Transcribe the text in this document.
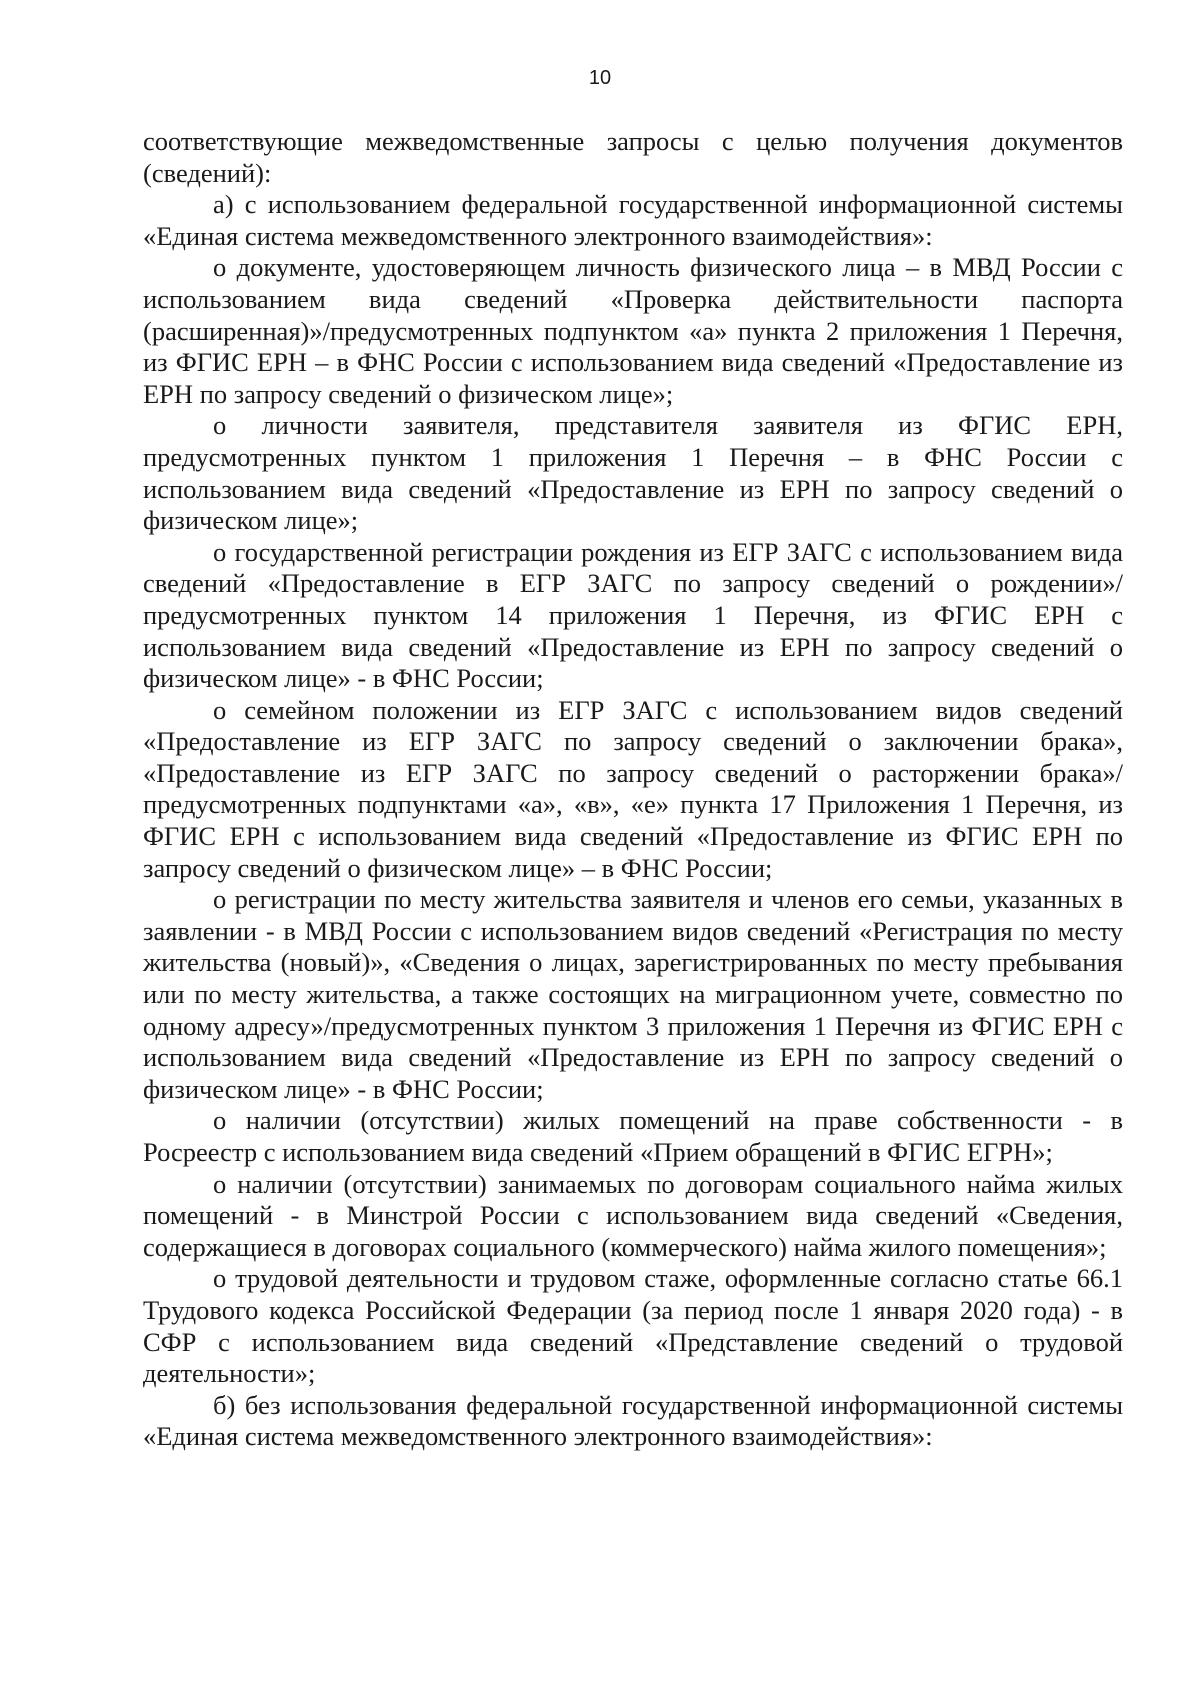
10

соответствующие межведомственные запросы с целью получения документов (сведений):

а) с использованием федеральной государственной информационной системы «Единая система межведомственного электронного взаимодействия»:

о документе, удостоверяющем личность физического лица – в МВД России с использованием вида сведений «Проверка действительности паспорта (расширенная)»/предусмотренных подпунктом «а» пункта 2 приложения 1 Перечня, из ФГИС ЕРН – в ФНС России с использованием вида сведений «Предоставление из ЕРН по запросу сведений о физическом лице»;

о личности заявителя, представителя заявителя из ФГИС ЕРН, предусмотренных пунктом 1 приложения 1 Перечня – в ФНС России с использованием вида сведений «Предоставление из ЕРН по запросу сведений о физическом лице»;

о государственной регистрации рождения из ЕГР ЗАГС с использованием вида сведений «Предоставление в ЕГР ЗАГС по запросу сведений о рождении»/предусмотренных пунктом 14 приложения 1 Перечня, из ФГИС ЕРН с использованием вида сведений «Предоставление из ЕРН по запросу сведений о физическом лице» - в ФНС России;

о семейном положении из ЕГР ЗАГС с использованием видов сведений «Предоставление из ЕГР ЗАГС по запросу сведений о заключении брака», «Предоставление из ЕГР ЗАГС по запросу сведений о расторжении брака»/предусмотренных подпунктами «а», «в», «е» пункта 17 Приложения 1 Перечня, из ФГИС ЕРН с использованием вида сведений «Предоставление из ФГИС ЕРН по запросу сведений о физическом лице» – в ФНС России;

о регистрации по месту жительства заявителя и членов его семьи, указанных в заявлении - в МВД России с использованием видов сведений «Регистрация по месту жительства (новый)», «Сведения о лицах, зарегистрированных по месту пребывания или по месту жительства, а также состоящих на миграционном учете, совместно по одному адресу»/предусмотренных пунктом 3 приложения 1 Перечня из ФГИС ЕРН с использованием вида сведений «Предоставление из ЕРН по запросу сведений о физическом лице» - в ФНС России;

о наличии (отсутствии) жилых помещений на праве собственности - в Росреестр с использованием вида сведений «Прием обращений в ФГИС ЕГРН»;

о наличии (отсутствии) занимаемых по договорам социального найма жилых помещений - в Минстрой России с использованием вида сведений «Сведения, содержащиеся в договорах социального (коммерческого) найма жилого помещения»;

о трудовой деятельности и трудовом стаже, оформленные согласно статье 66.1 Трудового кодекса Российской Федерации (за период после 1 января 2020 года) - в СФР с использованием вида сведений «Представление сведений о трудовой деятельности»;

б) без использования федеральной государственной информационной системы «Единая система межведомственного электронного взаимодействия»:
